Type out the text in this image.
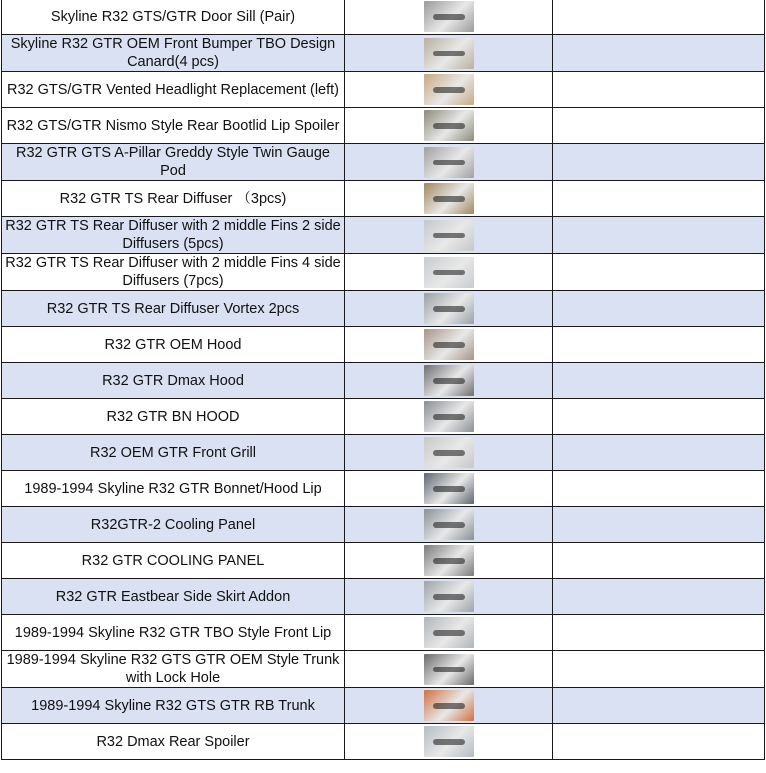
Skyline R32 GTS/GTR Door Sill (Pair)		
Skyline R32 GTR OEM Front Bumper TBO Design Canard(4 pcs)		
R32 GTS/GTR Vented Headlight Replacement (left)		
R32 GTS/GTR Nismo Style Rear Bootlid Lip Spoiler		
R32 GTR GTS A-Pillar Greddy Style Twin Gauge Pod		
R32 GTR TS Rear Diffuser （3pcs)		
R32 GTR TS Rear Diffuser with 2 middle Fins 2 side Diffusers (5pcs)		
R32 GTR TS Rear Diffuser with 2 middle Fins 4 side Diffusers (7pcs)		
R32 GTR TS Rear Diffuser Vortex 2pcs		
R32 GTR OEM Hood		
R32 GTR Dmax Hood		
R32 GTR BN HOOD		
R32 OEM GTR Front Grill		
1989-1994 Skyline R32 GTR Bonnet/Hood Lip		
R32GTR-2 Cooling Panel		
R32 GTR COOLING PANEL		
R32 GTR Eastbear Side Skirt Addon		
1989-1994 Skyline R32 GTR TBO Style Front Lip		
1989-1994 Skyline R32 GTS GTR OEM Style Trunk with Lock Hole		
1989-1994 Skyline R32 GTS GTR RB Trunk		
R32 Dmax Rear Spoiler		
